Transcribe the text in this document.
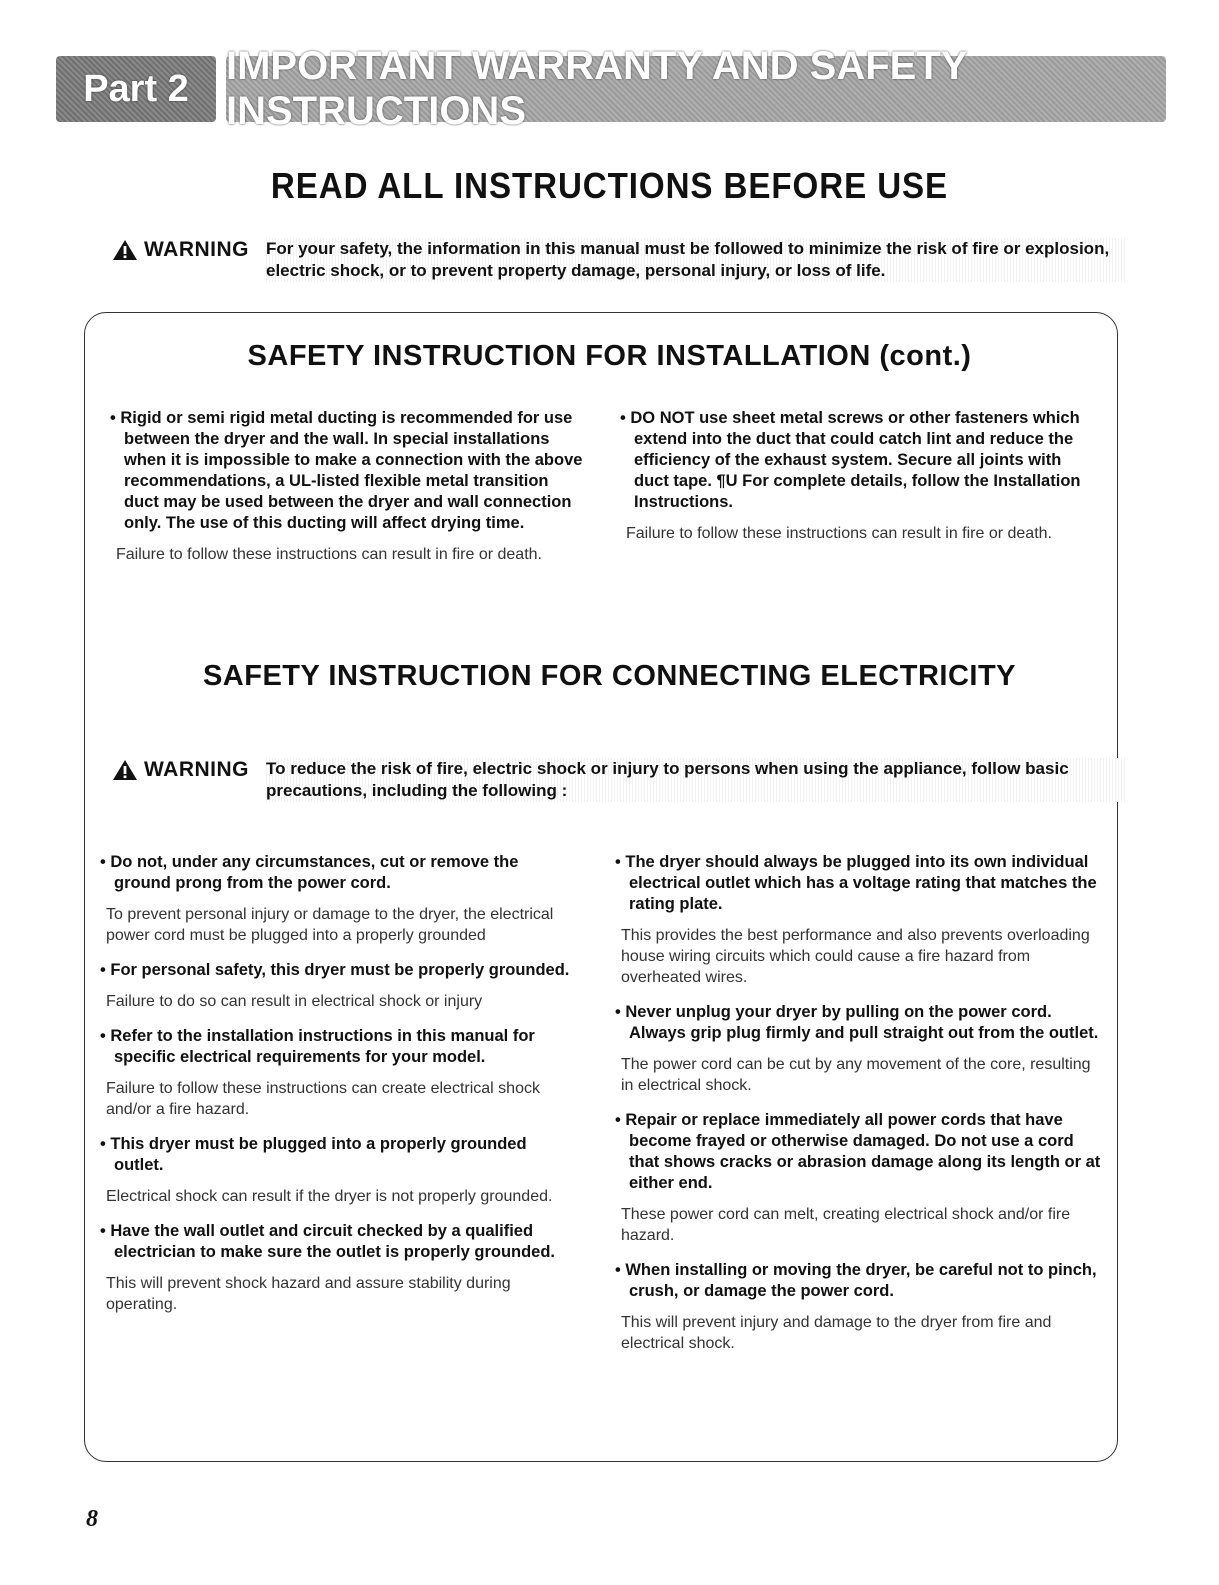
Part 2
IMPORTANT WARRANTY AND SAFETY INSTRUCTIONS
READ ALL INSTRUCTIONS BEFORE USE
WARNING For your safety, the information in this manual must be followed to minimize the risk of fire or explosion, electric shock, or to prevent property damage, personal injury, or loss of life.
SAFETY INSTRUCTION FOR INSTALLATION (cont.)
• Rigid or semi rigid metal ducting is recommended for use between the dryer and the wall. In special installations when it is impossible to make a connection with the above recommendations, a UL-listed flexible metal transition duct may be used between the dryer and wall connection only. The use of this ducting will affect drying time.
Failure to follow these instructions can result in fire or death.
• DO NOT use sheet metal screws or other fasteners which extend into the duct that could catch lint and reduce the efficiency of the exhaust system. Secure all joints with duct tape. ¶U For complete details, follow the Installation Instructions.
Failure to follow these instructions can result in fire or death.
SAFETY INSTRUCTION FOR CONNECTING ELECTRICITY
WARNING To reduce the risk of fire, electric shock or injury to persons when using the appliance, follow basic precautions, including the following :
• Do not, under any circumstances, cut or remove the ground prong from the power cord.
To prevent personal injury or damage to the dryer, the electrical power cord must be plugged into a properly grounded
• For personal safety, this dryer must be properly grounded.
Failure to do so can result in electrical shock or injury
• Refer to the installation instructions in this manual for specific electrical requirements for your model.
Failure to follow these instructions can create electrical shock and/or a fire hazard.
• This dryer must be plugged into a properly grounded outlet.
Electrical shock can result if the dryer is not properly grounded.
• Have the wall outlet and circuit checked by a qualified electrician to make sure the outlet is properly grounded.
This will prevent shock hazard and assure stability during operating.
• The dryer should always be plugged into its own individual electrical outlet which has a voltage rating that matches the rating plate.
This provides the best performance and also prevents overloading house wiring circuits which could cause a fire hazard from overheated wires.
• Never unplug your dryer by pulling on the power cord. Always grip plug firmly and pull straight out from the outlet.
The power cord can be cut by any movement of the core, resulting in electrical shock.
• Repair or replace immediately all power cords that have become frayed or otherwise damaged. Do not use a cord that shows cracks or abrasion damage along its length or at either end.
These power cord can melt, creating electrical shock and/or fire hazard.
• When installing or moving the dryer, be careful not to pinch, crush, or damage the power cord.
This will prevent injury and damage to the dryer from fire and electrical shock.
8
